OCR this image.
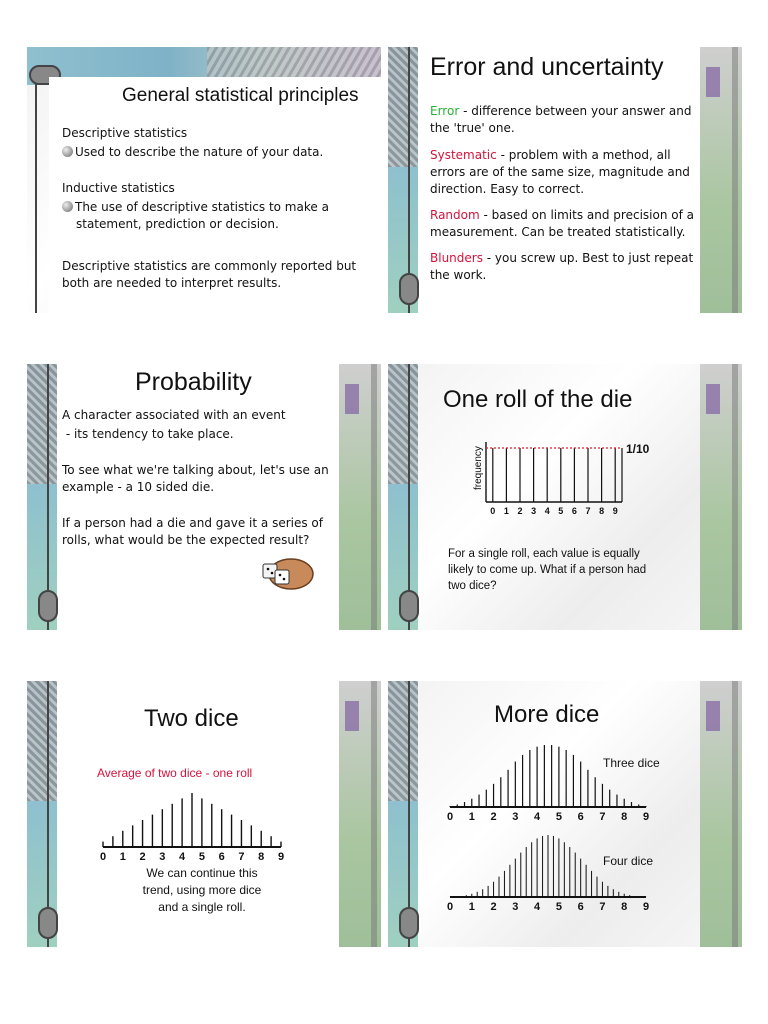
General statistical principles
Descriptive statistics
Used to describe the nature of your data.
Inductive statistics
The use of descriptive statistics to make a
statement, prediction or decision.
Descriptive statistics are commonly reported but
both are needed to interpret results.
Error and uncertainty
Error - difference between your answer and
the 'true' one.
Systematic - problem with a method, all
errors are of the same size, magnitude and
direction. Easy to correct.
Random - based on limits and precision of a
measurement. Can be treated statistically.
Blunders - you screw up. Best to just repeat
the work.
Probability
A character associated with an event
- its tendency to take place.
To see what we're talking about, let's use an
example - a 10 sided die.
If a person had a die and gave it a series of
rolls, what would be the expected result?
One roll of the die
0 1 2 3 4 5 6 7 8 9
1/10
frequency
For a single roll, each value is equally
likely to come up. What if a person had
two dice?
Two dice
Average of two dice - one roll
0 1 2 3 4 5 6 7 8 9
We can continue this
trend, using more dice
and a single roll.
More dice
Three dice
0 1 2 3 4 5 6 7 8 9
Four dice
0 1 2 3 4 5 6 7 8 9
